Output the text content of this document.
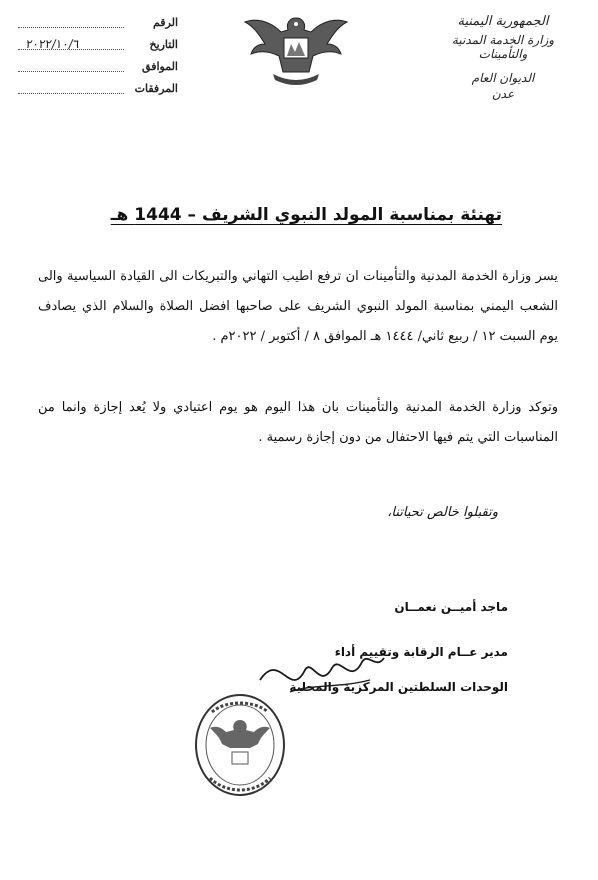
الرقم
التاريخ
٢٠٢٢/١٠/٦
الموافق
المرفقات
الجمهورية اليمنية
وزارة الخدمة المدنية والتأمينات
الديوان العام
عدن
تهنئة بمناسبة المولد النبوي الشريف – 1444 هـ
يسر وزارة الخدمة المدنية والتأمينات ان ترفع اطيب التهاني والتبريكات الى القيادة السياسية والى الشعب اليمني بمناسبة المولد النبوي الشريف على صاحبها افضل الصلاة والسلام الذي يصادف يوم السبت ١٢ / ربيع ثاني/ ١٤٤٤ هـ الموافق ٨ / أكتوبر / ٢٠٢٢م .
وتوكد وزارة الخدمة المدنية والتأمينات بان هذا اليوم هو يوم اعتيادي ولا يُعد إجازة وانما من المناسبات التي يتم فيها الاحتفال من دون إجازة رسمية .
وتقبلوا خالص تحياتنا،
ماجد أميــن نعمــان
مدير عــام الرقابة وتقييم أداء
الوحدات السلطتين المركزية والمحلية
